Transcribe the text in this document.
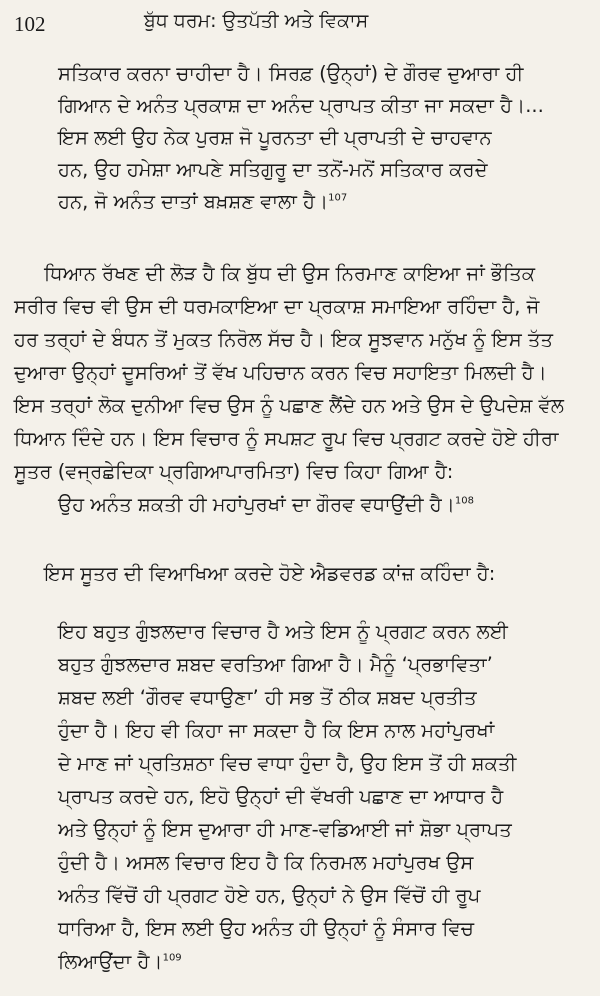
102	ਬੁੱਧ ਧਰਮ: ਉਤਪੱਤੀ ਅਤੇ ਵਿਕਾਸ
ਸਤਿਕਾਰ ਕਰਨਾ ਚਾਹੀਦਾ ਹੈ। ਸਿਰਫ਼ (ਉਨ੍ਹਾਂ) ਦੇ ਗੌਰਵ ਦੁਆਰਾ ਹੀ
ਗਿਆਨ ਦੇ ਅਨੰਤ ਪ੍ਰਕਾਸ਼ ਦਾ ਅਨੰਦ ਪ੍ਰਾਪਤ ਕੀਤਾ ਜਾ ਸਕਦਾ ਹੈ।...
ਇਸ ਲਈ ਉਹ ਨੇਕ ਪੁਰਸ਼ ਜੋ ਪੂਰਨਤਾ ਦੀ ਪ੍ਰਾਪਤੀ ਦੇ ਚਾਹਵਾਨ
ਹਨ, ਉਹ ਹਮੇਸ਼ਾ ਆਪਣੇ ਸਤਿਗੁਰੂ ਦਾ ਤਨੋਂ-ਮਨੋਂ ਸਤਿਕਾਰ ਕਰਦੇ
ਹਨ, ਜੋ ਅਨੰਤ ਦਾਤਾਂ ਬਖ਼ਸ਼ਣ ਵਾਲਾ ਹੈ।$^{107}$
ਧਿਆਨ ਰੱਖਣ ਦੀ ਲੋੜ ਹੈ ਕਿ ਬੁੱਧ ਦੀ ਉਸ ਨਿਰਮਾਣ ਕਾਇਆ ਜਾਂ ਭੌਤਿਕ
ਸਰੀਰ ਵਿਚ ਵੀ ਉਸ ਦੀ ਧਰਮਕਾਇਆ ਦਾ ਪ੍ਰਕਾਸ਼ ਸਮਾਇਆ ਰਹਿੰਦਾ ਹੈ, ਜੋ
ਹਰ ਤਰ੍ਹਾਂ ਦੇ ਬੰਧਨ ਤੋਂ ਮੁਕਤ ਨਿਰੋਲ ਸੱਚ ਹੈ। ਇਕ ਸੂਝਵਾਨ ਮਨੁੱਖ ਨੂੰ ਇਸ ਤੱਤ
ਦੁਆਰਾ ਉਨ੍ਹਾਂ ਦੂਸਰਿਆਂ ਤੋਂ ਵੱਖ ਪਹਿਚਾਨ ਕਰਨ ਵਿਚ ਸਹਾਇਤਾ ਮਿਲਦੀ ਹੈ।
ਇਸ ਤਰ੍ਹਾਂ ਲੋਕ ਦੁਨੀਆ ਵਿਚ ਉਸ ਨੂੰ ਪਛਾਣ ਲੈਂਦੇ ਹਨ ਅਤੇ ਉਸ ਦੇ ਉਪਦੇਸ਼ ਵੱਲ
ਧਿਆਨ ਦਿੰਦੇ ਹਨ। ਇਸ ਵਿਚਾਰ ਨੂੰ ਸਪਸ਼ਟ ਰੂਪ ਵਿਚ ਪ੍ਰਗਟ ਕਰਦੇ ਹੋਏ ਹੀਰਾ
ਸੂਤਰ (ਵਜ੍ਰਛੇਦਿਕਾ ਪ੍ਰਗਿਆਪਾਰਮਿਤਾ) ਵਿਚ ਕਿਹਾ ਗਿਆ ਹੈ:
ਉਹ ਅਨੰਤ ਸ਼ਕਤੀ ਹੀ ਮਹਾਂਪੁਰਖਾਂ ਦਾ ਗੌਰਵ ਵਧਾਉਂਦੀ ਹੈ।$^{108}$
ਇਸ ਸੂਤਰ ਦੀ ਵਿਆਖਿਆ ਕਰਦੇ ਹੋਏ ਐਡਵਰਡ ਕਾਂਜ਼ ਕਹਿੰਦਾ ਹੈ:
ਇਹ ਬਹੁਤ ਗੁੰਝਲਦਾਰ ਵਿਚਾਰ ਹੈ ਅਤੇ ਇਸ ਨੂੰ ਪ੍ਰਗਟ ਕਰਨ ਲਈ
ਬਹੁਤ ਗੁੰਝਲਦਾਰ ਸ਼ਬਦ ਵਰਤਿਆ ਗਿਆ ਹੈ। ਮੈਨੂੰ ‘ਪ੍ਰਭਾਵਿਤਾ’
ਸ਼ਬਦ ਲਈ ‘ਗੌਰਵ ਵਧਾਉਣਾ’ ਹੀ ਸਭ ਤੋਂ ਠੀਕ ਸ਼ਬਦ ਪ੍ਰਤੀਤ
ਹੁੰਦਾ ਹੈ। ਇਹ ਵੀ ਕਿਹਾ ਜਾ ਸਕਦਾ ਹੈ ਕਿ ਇਸ ਨਾਲ ਮਹਾਂਪੁਰਖਾਂ
ਦੇ ਮਾਣ ਜਾਂ ਪ੍ਰਤਿਸ਼ਠਾ ਵਿਚ ਵਾਧਾ ਹੁੰਦਾ ਹੈ, ਉਹ ਇਸ ਤੋਂ ਹੀ ਸ਼ਕਤੀ
ਪ੍ਰਾਪਤ ਕਰਦੇ ਹਨ, ਇਹੋ ਉਨ੍ਹਾਂ ਦੀ ਵੱਖਰੀ ਪਛਾਣ ਦਾ ਆਧਾਰ ਹੈ
ਅਤੇ ਉਨ੍ਹਾਂ ਨੂੰ ਇਸ ਦੁਆਰਾ ਹੀ ਮਾਣ-ਵਡਿਆਈ ਜਾਂ ਸ਼ੋਭਾ ਪ੍ਰਾਪਤ
ਹੁੰਦੀ ਹੈ। ਅਸਲ ਵਿਚਾਰ ਇਹ ਹੈ ਕਿ ਨਿਰਮਲ ਮਹਾਂਪੁਰਖ ਉਸ
ਅਨੰਤ ਵਿੱਚੋਂ ਹੀ ਪ੍ਰਗਟ ਹੋਏ ਹਨ, ਉਨ੍ਹਾਂ ਨੇ ਉਸ ਵਿੱਚੋਂ ਹੀ ਰੂਪ
ਧਾਰਿਆ ਹੈ, ਇਸ ਲਈ ਉਹ ਅਨੰਤ ਹੀ ਉਨ੍ਹਾਂ ਨੂੰ ਸੰਸਾਰ ਵਿਚ
ਲਿਆਉਂਦਾ ਹੈ।$^{109}$
